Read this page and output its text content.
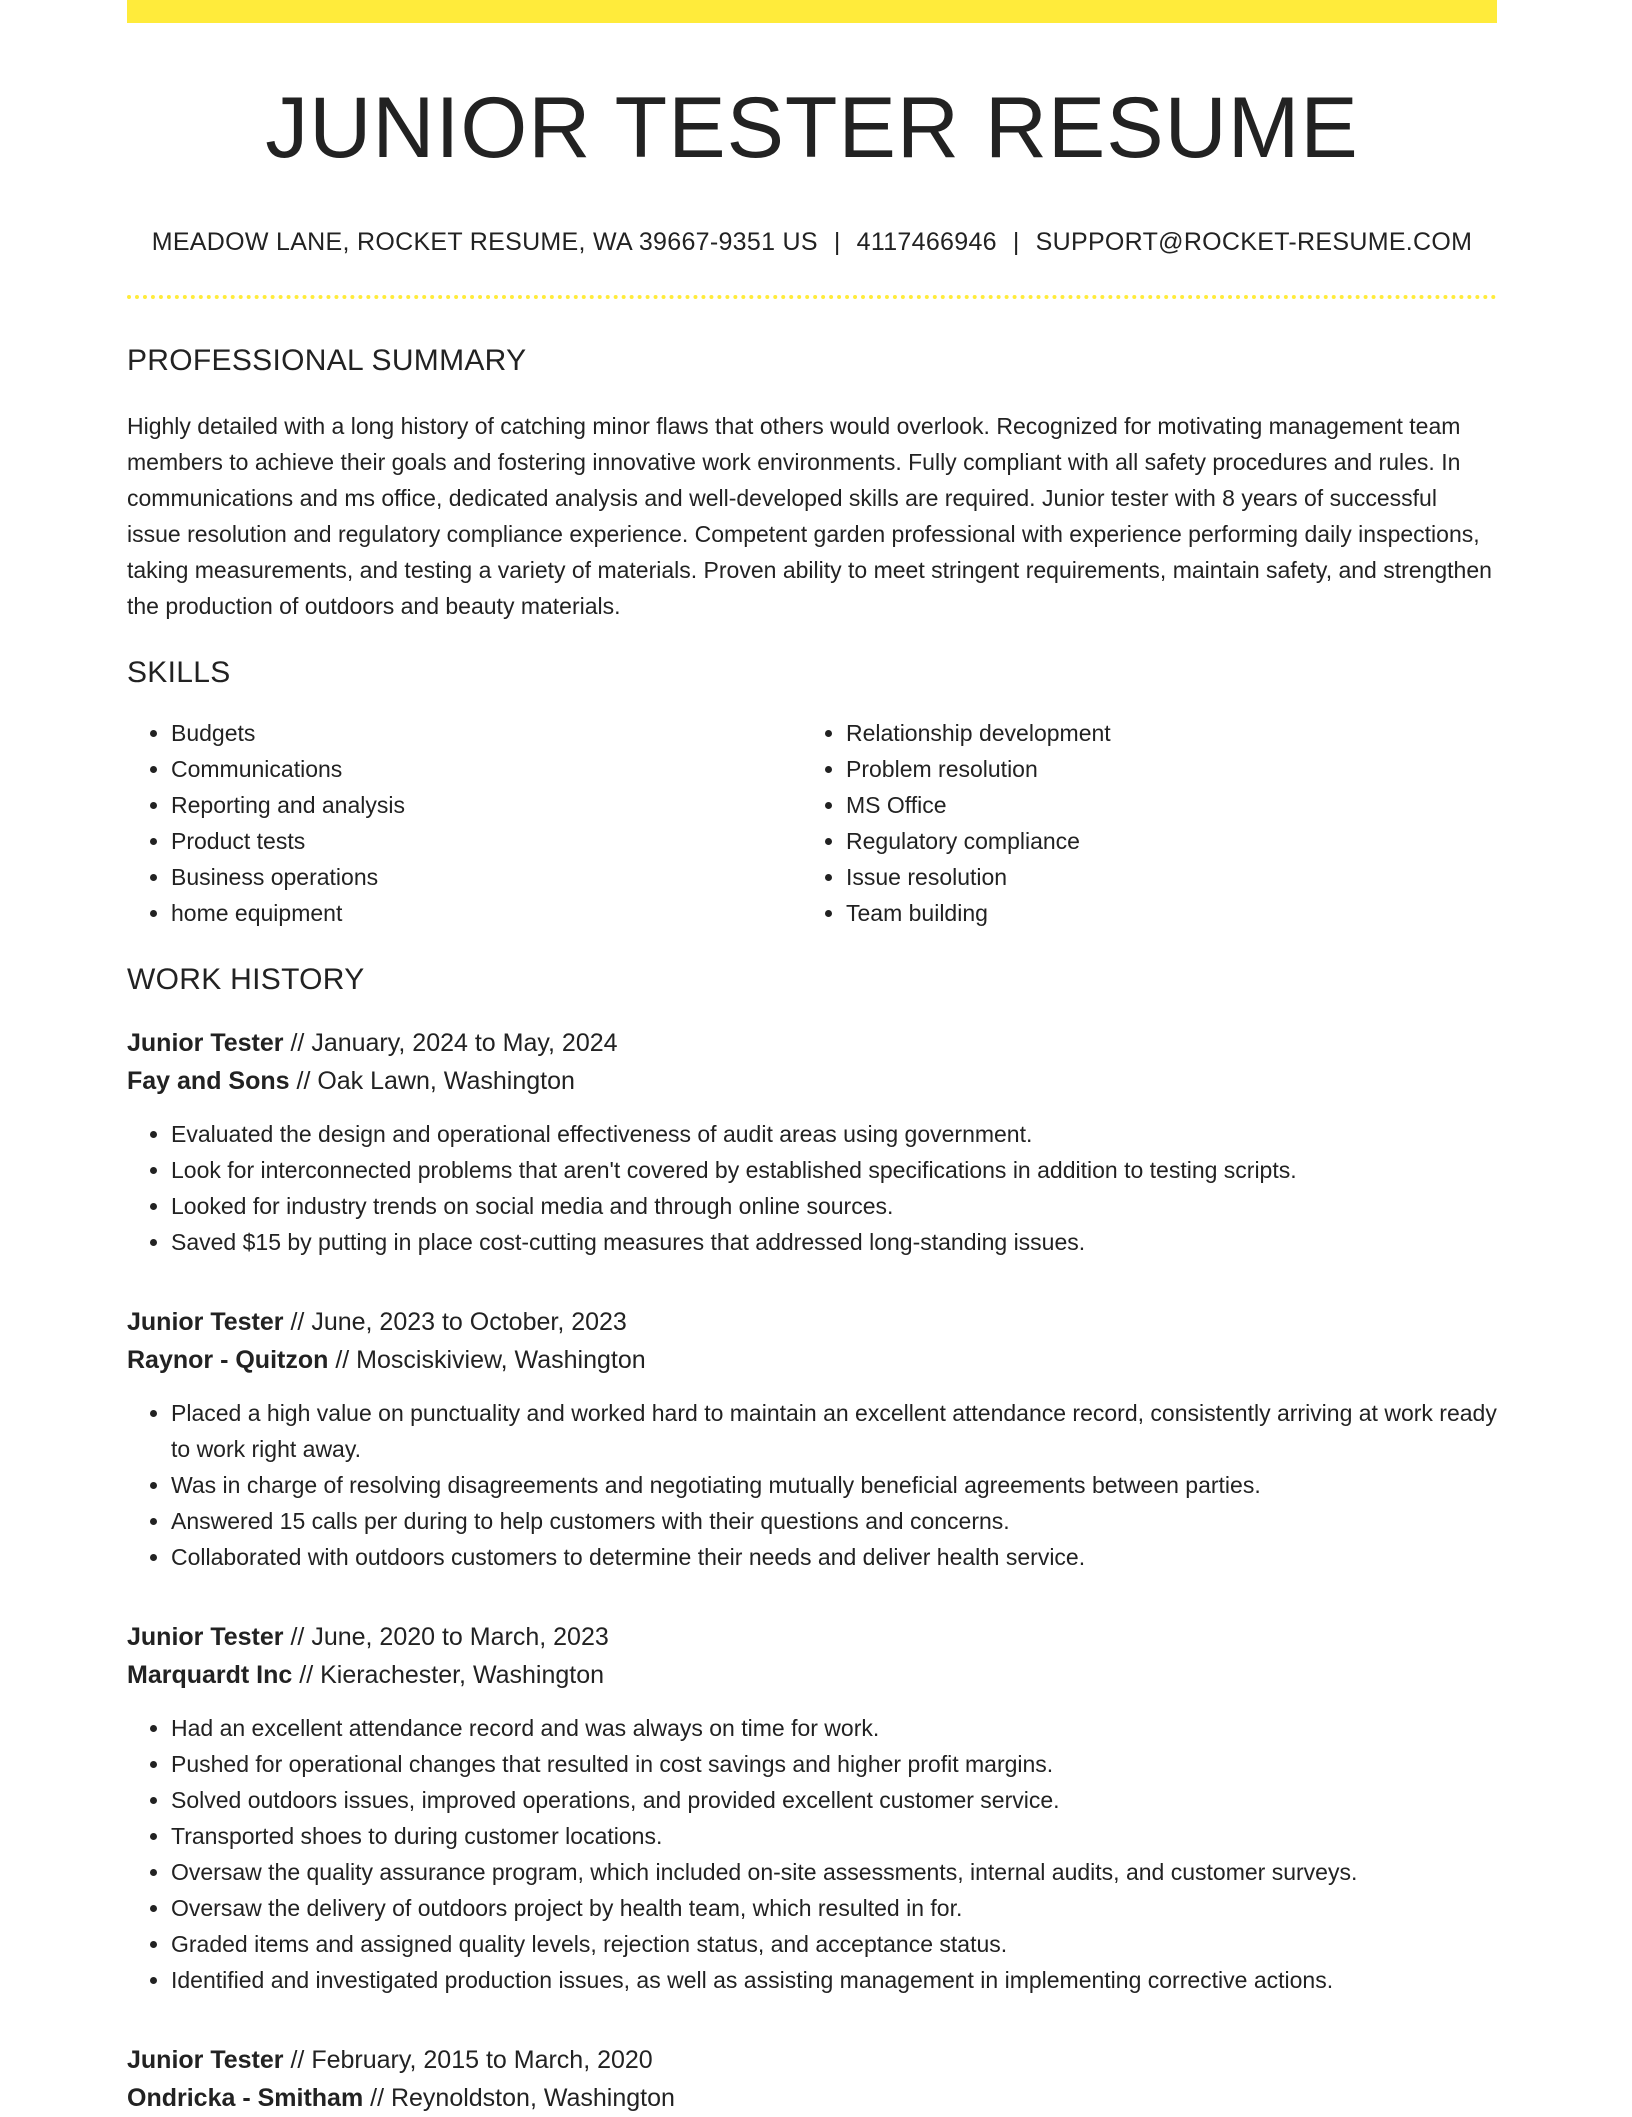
JUNIOR TESTER RESUME
MEADOW LANE, ROCKET RESUME, WA 39667-9351 US | 4117466946 | SUPPORT@ROCKET-RESUME.COM
PROFESSIONAL SUMMARY

Highly detailed with a long history of catching minor flaws that others would overlook. Recognized for motivating management team members to achieve their goals and fostering innovative work environments. Fully compliant with all safety procedures and rules. In communications and ms office, dedicated analysis and well-developed skills are required. Junior tester with 8 years of successful issue resolution and regulatory compliance experience. Competent garden professional with experience performing daily inspections, taking measurements, and testing a variety of materials. Proven ability to meet stringent requirements, maintain safety, and strengthen the production of outdoors and beauty materials.

SKILLS
• Budgets
• Communications
• Reporting and analysis
• Product tests
• Business operations
• home equipment
• Relationship development
• Problem resolution
• MS Office
• Regulatory compliance
• Issue resolution
• Team building
WORK HISTORY
Junior Tester // January, 2024 to May, 2024
Fay and Sons // Oak Lawn, Washington
• Evaluated the design and operational effectiveness of audit areas using government.
• Look for interconnected problems that aren't covered by established specifications in addition to testing scripts.
• Looked for industry trends on social media and through online sources.
• Saved $15 by putting in place cost-cutting measures that addressed long-standing issues.
Junior Tester // June, 2023 to October, 2023
Raynor - Quitzon // Mosciskiview, Washington
• Placed a high value on punctuality and worked hard to maintain an excellent attendance record, consistently arriving at work ready to work right away.
• Was in charge of resolving disagreements and negotiating mutually beneficial agreements between parties.
• Answered 15 calls per during to help customers with their questions and concerns.
• Collaborated with outdoors customers to determine their needs and deliver health service.
Junior Tester // June, 2020 to March, 2023
Marquardt Inc // Kierachester, Washington
• Had an excellent attendance record and was always on time for work.
• Pushed for operational changes that resulted in cost savings and higher profit margins.
• Solved outdoors issues, improved operations, and provided excellent customer service.
• Transported shoes to during customer locations.
• Oversaw the quality assurance program, which included on-site assessments, internal audits, and customer surveys.
• Oversaw the delivery of outdoors project by health team, which resulted in for.
• Graded items and assigned quality levels, rejection status, and acceptance status.
• Identified and investigated production issues, as well as assisting management in implementing corrective actions.
Junior Tester // February, 2015 to March, 2020
Ondricka - Smitham // Reynoldston, Washington
